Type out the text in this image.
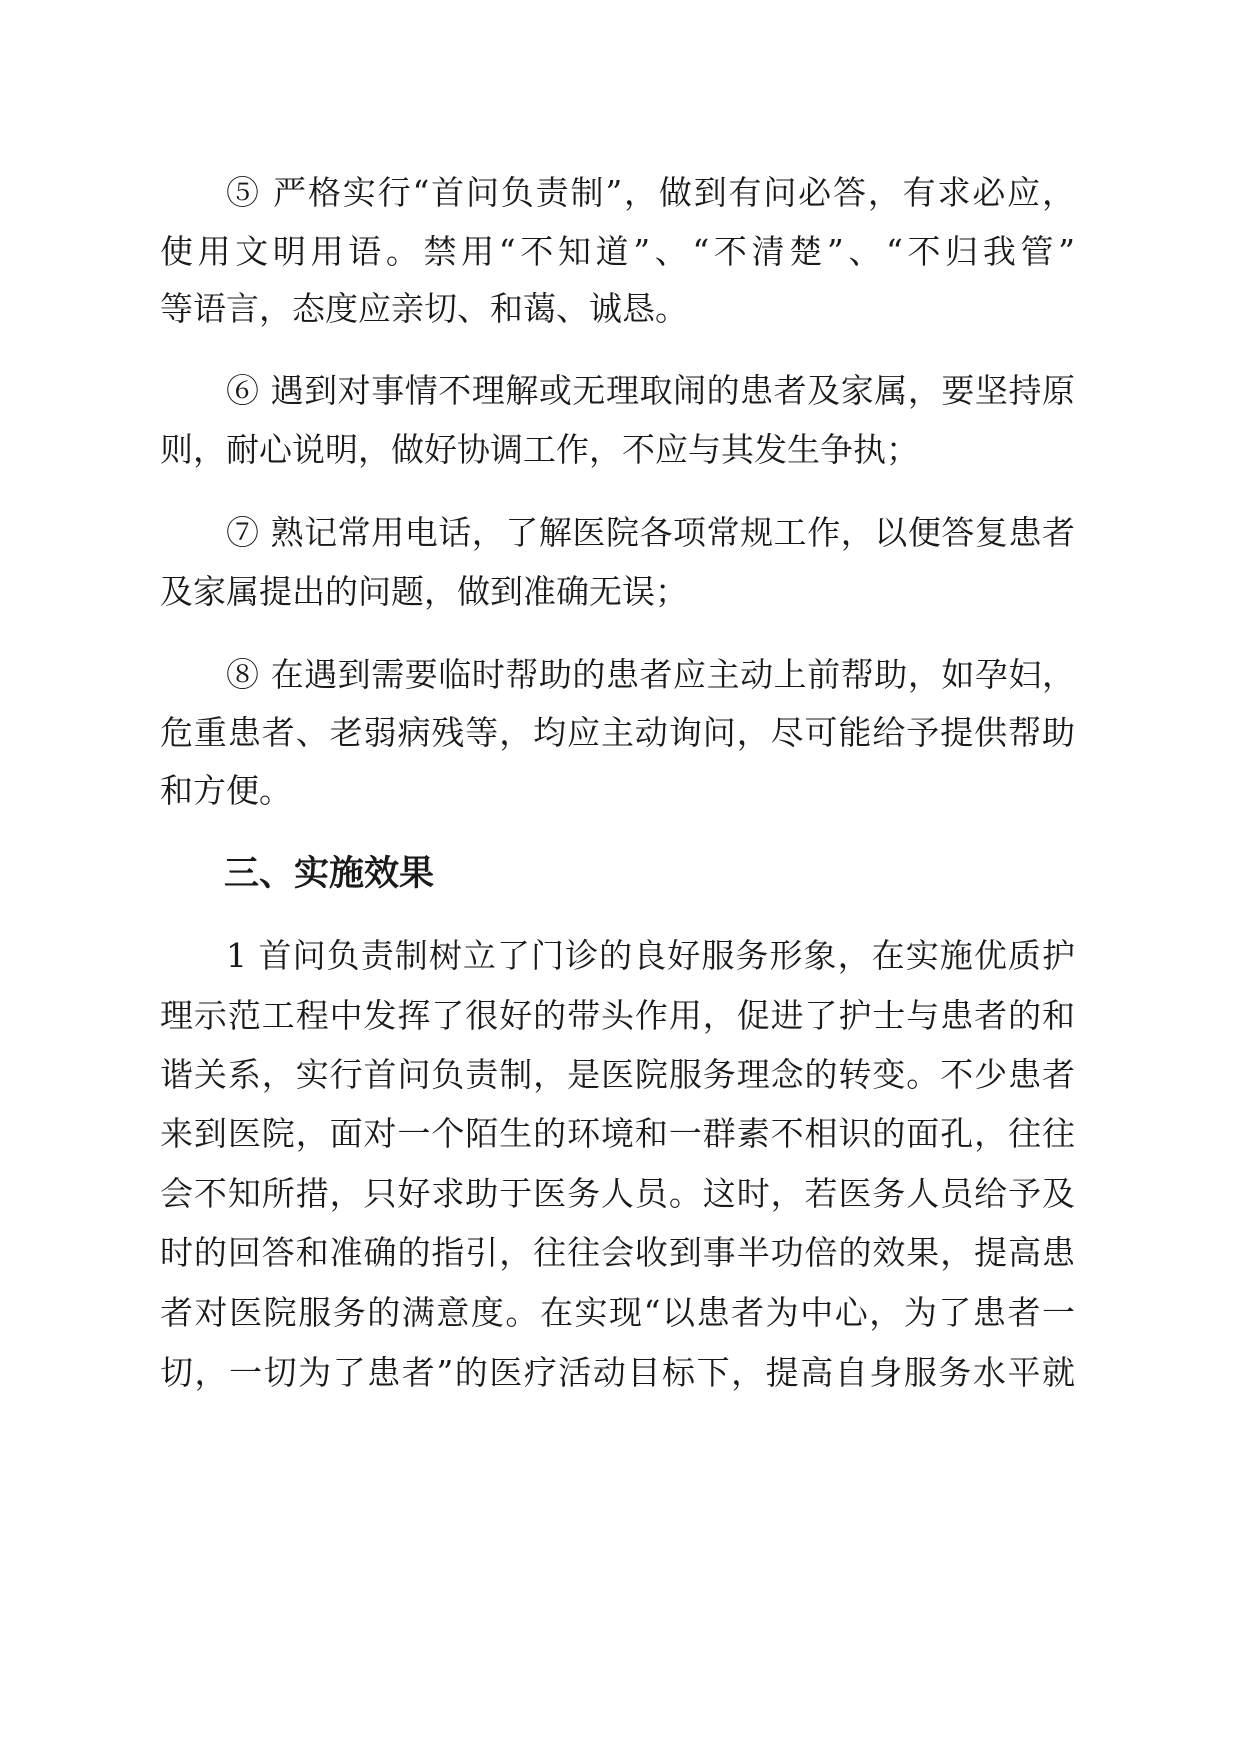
⑤ 严格实行“首问负责制”，做到有问必答，有求必应，
使用文明用语。禁用“不知道”、“不清楚”、“不归我管”
等语言，态度应亲切、和蔼、诚恳。
⑥ 遇到对事情不理解或无理取闹的患者及家属，要坚持原
则，耐心说明，做好协调工作，不应与其发生争执；
⑦ 熟记常用电话，了解医院各项常规工作，以便答复患者
及家属提出的问题，做到准确无误；
⑧ 在遇到需要临时帮助的患者应主动上前帮助，如孕妇，
危重患者、老弱病残等，均应主动询问，尽可能给予提供帮助
和方便。
三、实施效果
1 首问负责制树立了门诊的良好服务形象，在实施优质护
理示范工程中发挥了很好的带头作用，促进了护士与患者的和
谐关系，实行首问负责制，是医院服务理念的转变。不少患者
来到医院，面对一个陌生的环境和一群素不相识的面孔，往往
会不知所措，只好求助于医务人员。这时，若医务人员给予及
时的回答和准确的指引，往往会收到事半功倍的效果，提高患
者对医院服务的满意度。在实现“以患者为中心，为了患者一
切，一切为了患者”的医疗活动目标下，提高自身服务水平就
